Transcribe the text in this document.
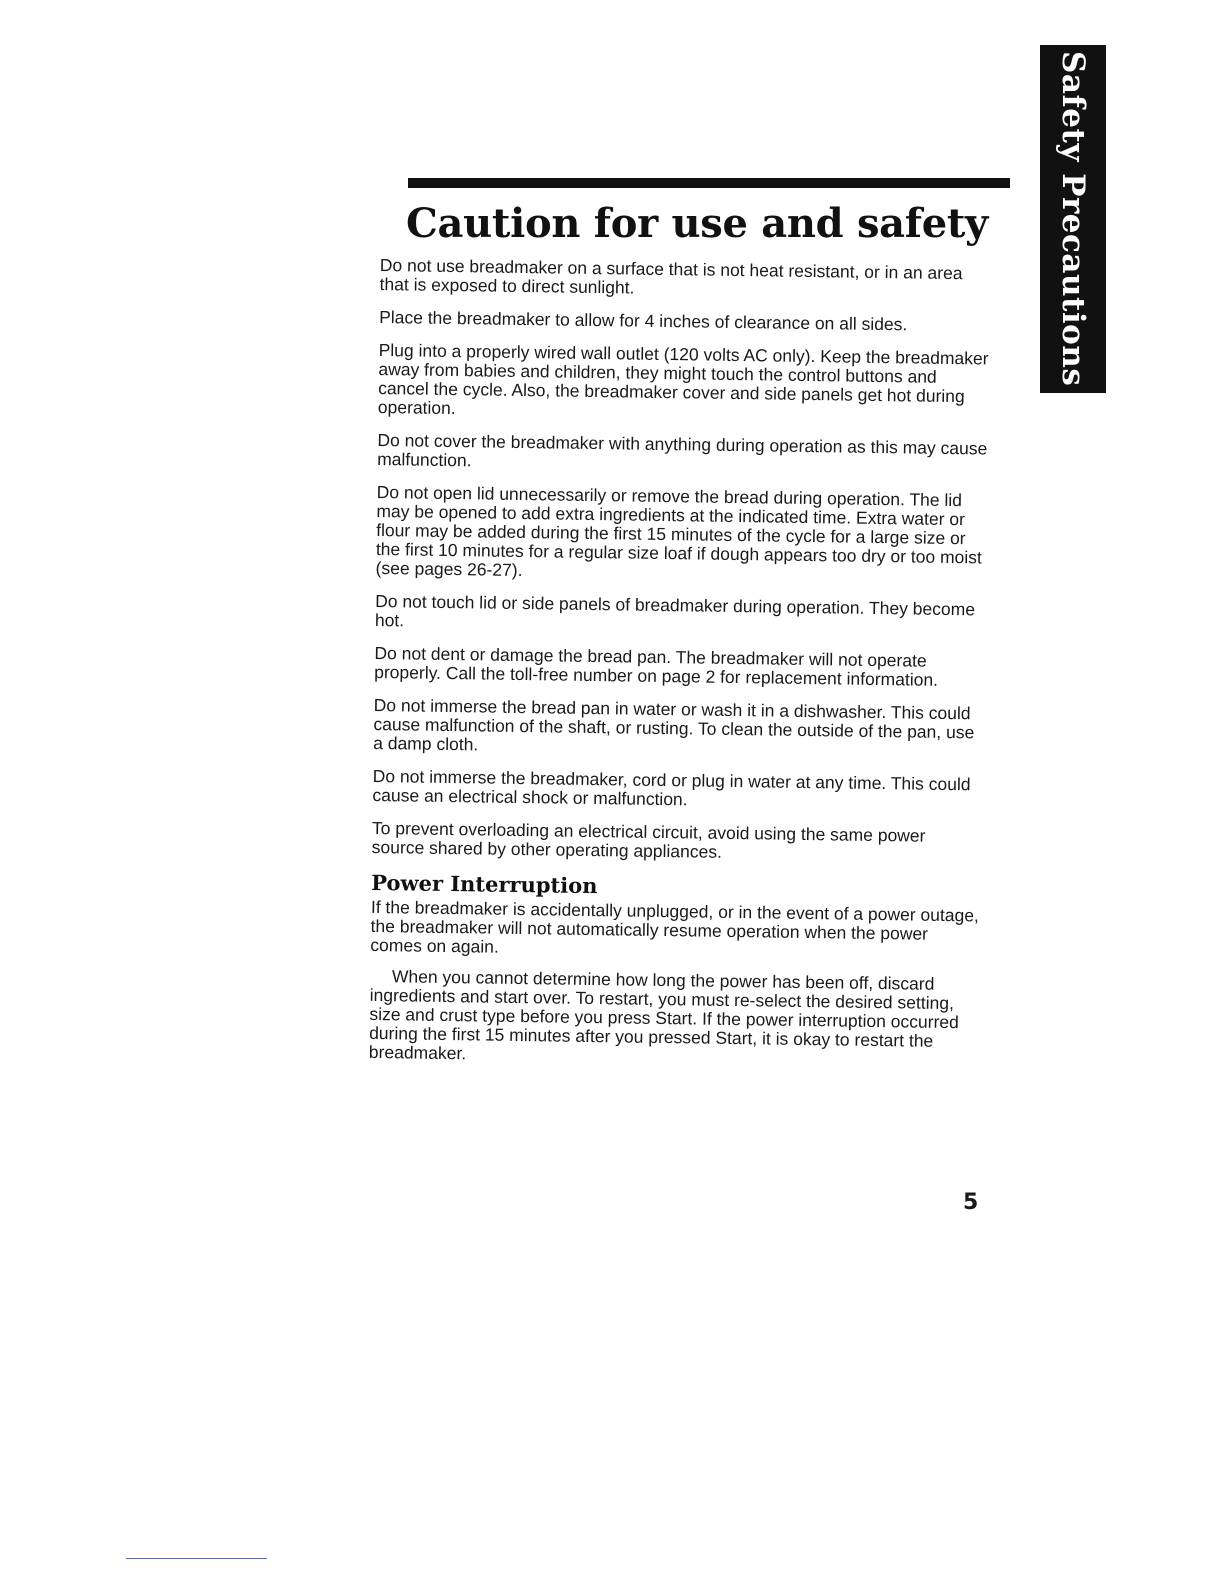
Safety Precautions
Caution for use and safety

Do not use breadmaker on a surface that is not heat resistant, or in an area that is exposed to direct sunlight.

Place the breadmaker to allow for 4 inches of clearance on all sides.

Plug into a properly wired wall outlet (120 volts AC only). Keep the breadmaker away from babies and children, they might touch the control buttons and cancel the cycle. Also, the breadmaker cover and side panels get hot during operation.

Do not cover the breadmaker with anything during operation as this may cause malfunction.

Do not open lid unnecessarily or remove the bread during operation. The lid may be opened to add extra ingredients at the indicated time. Extra water or flour may be added during the first 15 minutes of the cycle for a large size or the first 10 minutes for a regular size loaf if dough appears too dry or too moist (see pages 26-27).

Do not touch lid or side panels of breadmaker during operation. They become hot.

Do not dent or damage the bread pan. The breadmaker will not operate properly. Call the toll-free number on page 2 for replacement information.

Do not immerse the bread pan in water or wash it in a dishwasher. This could cause malfunction of the shaft, or rusting. To clean the outside of the pan, use a damp cloth.

Do not immerse the breadmaker, cord or plug in water at any time. This could cause an electrical shock or malfunction.

To prevent overloading an electrical circuit, avoid using the same power source shared by other operating appliances.

Power Interruption

If the breadmaker is accidentally unplugged, or in the event of a power outage, the breadmaker will not automatically resume operation when the power comes on again.

When you cannot determine how long the power has been off, discard ingredients and start over. To restart, you must re-select the desired setting, size and crust type before you press Start. If the power interruption occurred during the first 15 minutes after you pressed Start, it is okay to restart the breadmaker.

5
